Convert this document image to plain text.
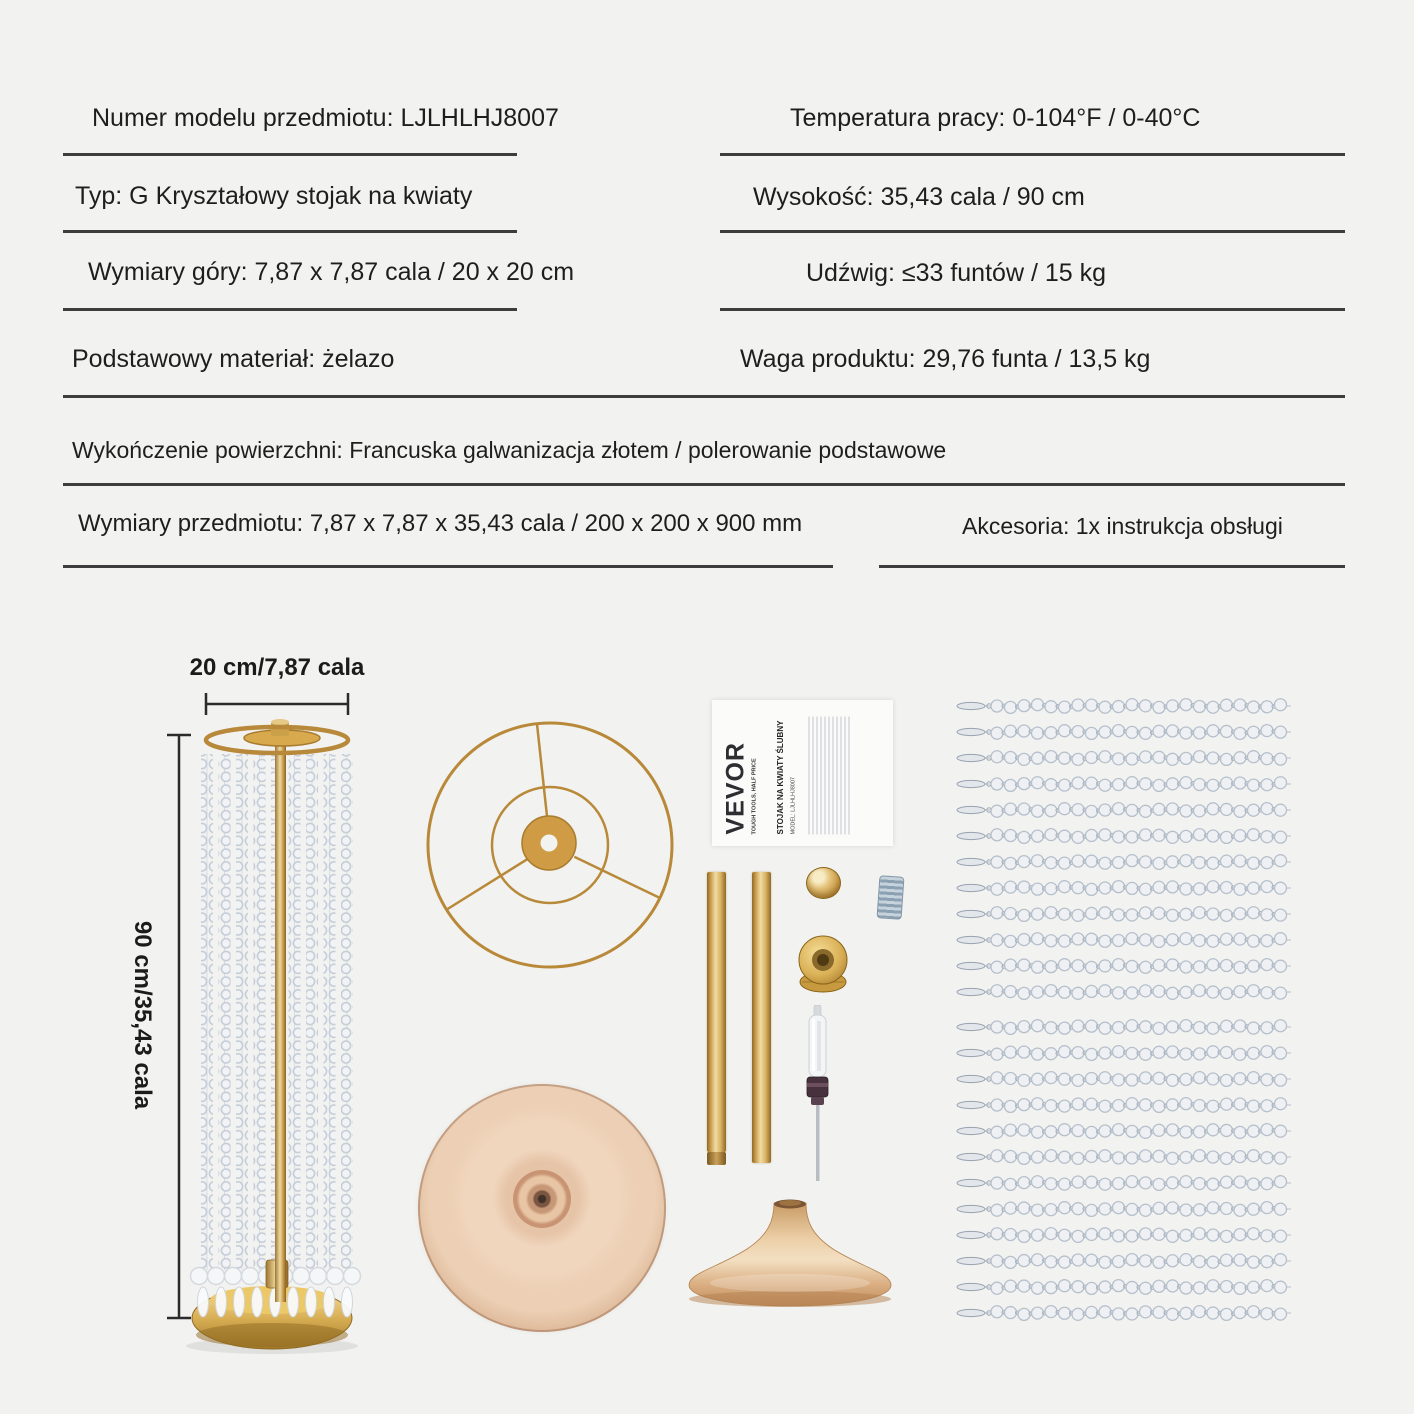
Numer modelu przedmiotu: LJLHLHJ8007	Temperatura pracy: 0-104°F / 0-40°C
Typ: G Kryształowy stojak na kwiaty	Wysokość: 35,43 cala / 90 cm
Wymiary góry: 7,87 x 7,87 cala / 20 x 20 cm	Udźwig: ≤33 funtów / 15 kg
Podstawowy materiał: żelazo	Waga produktu: 29,76 funta / 13,5 kg
Wykończenie powierzchni: Francuska galwanizacja złotem / polerowanie podstawowe
Wymiary przedmiotu: 7,87 x 7,87 x 35,43 cala / 200 x 200 x 900 mm	Akcesoria: 1x instrukcja obsługi
20 cm/7,87 cala
90 cm/35,43 cala
VEVOR TOUGH TOOLS, HALF PRICE STOJAK NA KWIATY ŚLUBNY MODEL: LJLHLHJ8007
